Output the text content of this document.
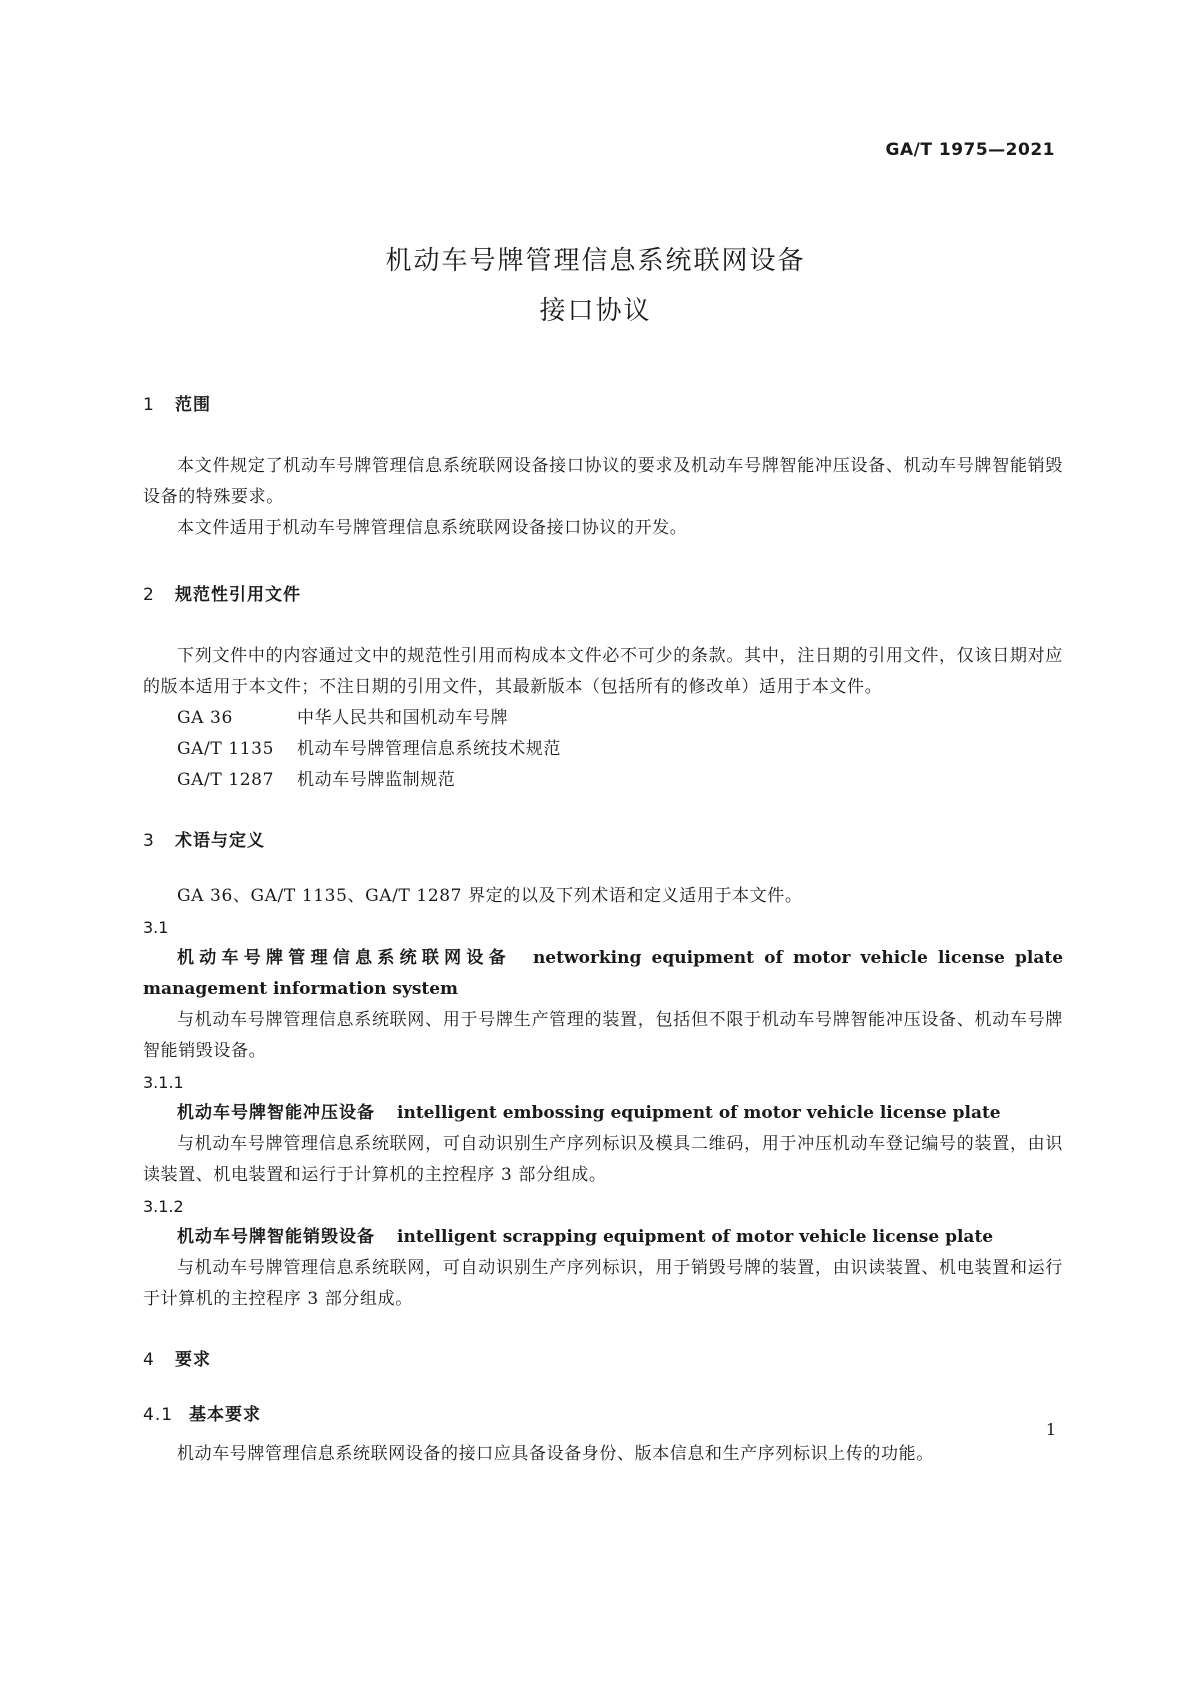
GA/T 1975—2021
机动车号牌管理信息系统联网设备
接口协议
1 范围

本文件规定了机动车号牌管理信息系统联网设备接口协议的要求及机动车号牌智能冲压设备、机动车号牌智能销毁设备的特殊要求。

本文件适用于机动车号牌管理信息系统联网设备接口协议的开发。

2 规范性引用文件

下列文件中的内容通过文中的规范性引用而构成本文件必不可少的条款。其中，注日期的引用文件，仅该日期对应的版本适用于本文件；不注日期的引用文件，其最新版本（包括所有的修改单）适用于本文件。

GA 36	中华人民共和国机动车号牌
GA/T 1135 机动车号牌管理信息系统技术规范
GA/T 1287 机动车号牌监制规范
3 术语与定义

GA 36、GA/T 1135、GA/T 1287 界定的以及下列术语和定义适用于本文件。

3.1

机动车号牌管理信息系统联网设备 networking equipment of motor vehicle license plate management information system

与机动车号牌管理信息系统联网、用于号牌生产管理的装置，包括但不限于机动车号牌智能冲压设备、机动车号牌智能销毁设备。

3.1.1

机动车号牌智能冲压设备 intelligent embossing equipment of motor vehicle license plate

与机动车号牌管理信息系统联网，可自动识别生产序列标识及模具二维码，用于冲压机动车登记编号的装置，由识读装置、机电装置和运行于计算机的主控程序 3 部分组成。

3.1.2

机动车号牌智能销毁设备 intelligent scrapping equipment of motor vehicle license plate

与机动车号牌管理信息系统联网，可自动识别生产序列标识，用于销毁号牌的装置，由识读装置、机电装置和运行于计算机的主控程序 3 部分组成。

4 要求
4.1 基本要求

机动车号牌管理信息系统联网设备的接口应具备设备身份、版本信息和生产序列标识上传的功能。

1
